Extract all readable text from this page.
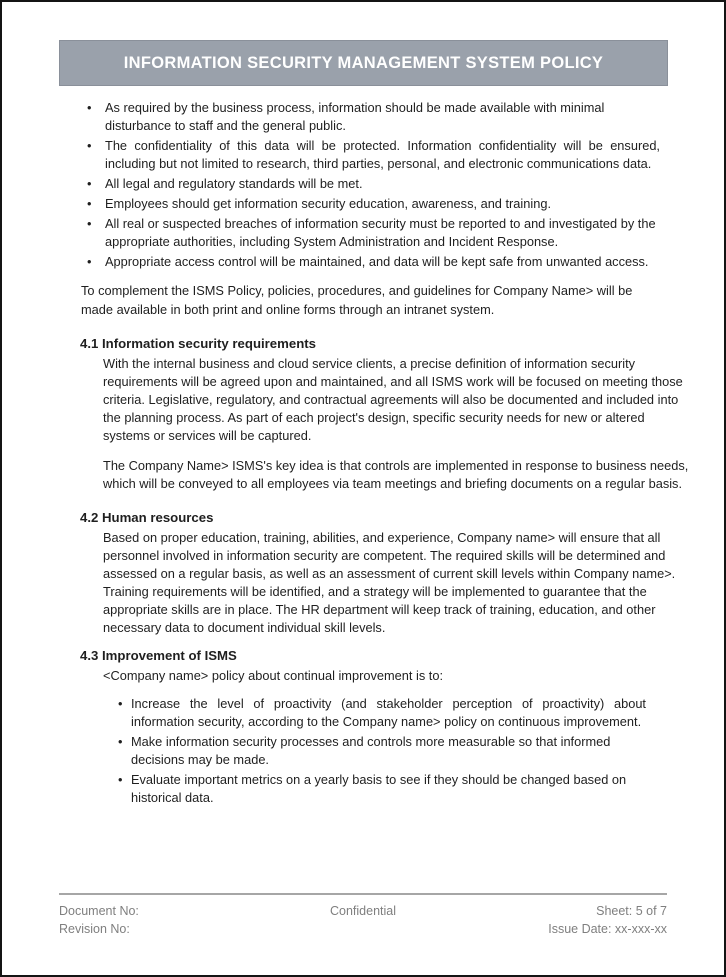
INFORMATION SECURITY MANAGEMENT SYSTEM POLICY
•	As required by the business process, information should be made available with minimal disturbance to staff and the general public.
•	The confidentiality of this data will be protected. Information confidentiality will be ensured, including but not limited to research, third parties, personal, and electronic communications data.
•	All legal and regulatory standards will be met.
•	Employees should get information security education, awareness, and training.
•	All real or suspected breaches of information security must be reported to and investigated by the appropriate authorities, including System Administration and Incident Response.
•	Appropriate access control will be maintained, and data will be kept safe from unwanted access.
To complement the ISMS Policy, policies, procedures, and guidelines for Company Name> will be made available in both print and online forms through an intranet system.
4.1 Information security requirements
With the internal business and cloud service clients, a precise definition of information security requirements will be agreed upon and maintained, and all ISMS work will be focused on meeting those criteria. Legislative, regulatory, and contractual agreements will also be documented and included into the planning process. As part of each project's design, specific security needs for new or altered systems or services will be captured.
The Company Name> ISMS's key idea is that controls are implemented in response to business needs, which will be conveyed to all employees via team meetings and briefing documents on a regular basis.
4.2 Human resources
Based on proper education, training, abilities, and experience, Company name> will ensure that all personnel involved in information security are competent. The required skills will be determined and assessed on a regular basis, as well as an assessment of current skill levels within Company name>. Training requirements will be identified, and a strategy will be implemented to guarantee that the appropriate skills are in place. The HR department will keep track of training, education, and other necessary data to document individual skill levels.
4.3 Improvement of ISMS
<Company name> policy about continual improvement is to:
• Increase the level of proactivity (and stakeholder perception of proactivity) about information security, according to the Company name> policy on continuous improvement.
• Make information security processes and controls more measurable so that informed decisions may be made.
• Evaluate important metrics on a yearly basis to see if they should be changed based on historical data.
Document No:	Confidential	Sheet: 5 of 7
Revision No:	Issue Date: xx-xxx-xx
